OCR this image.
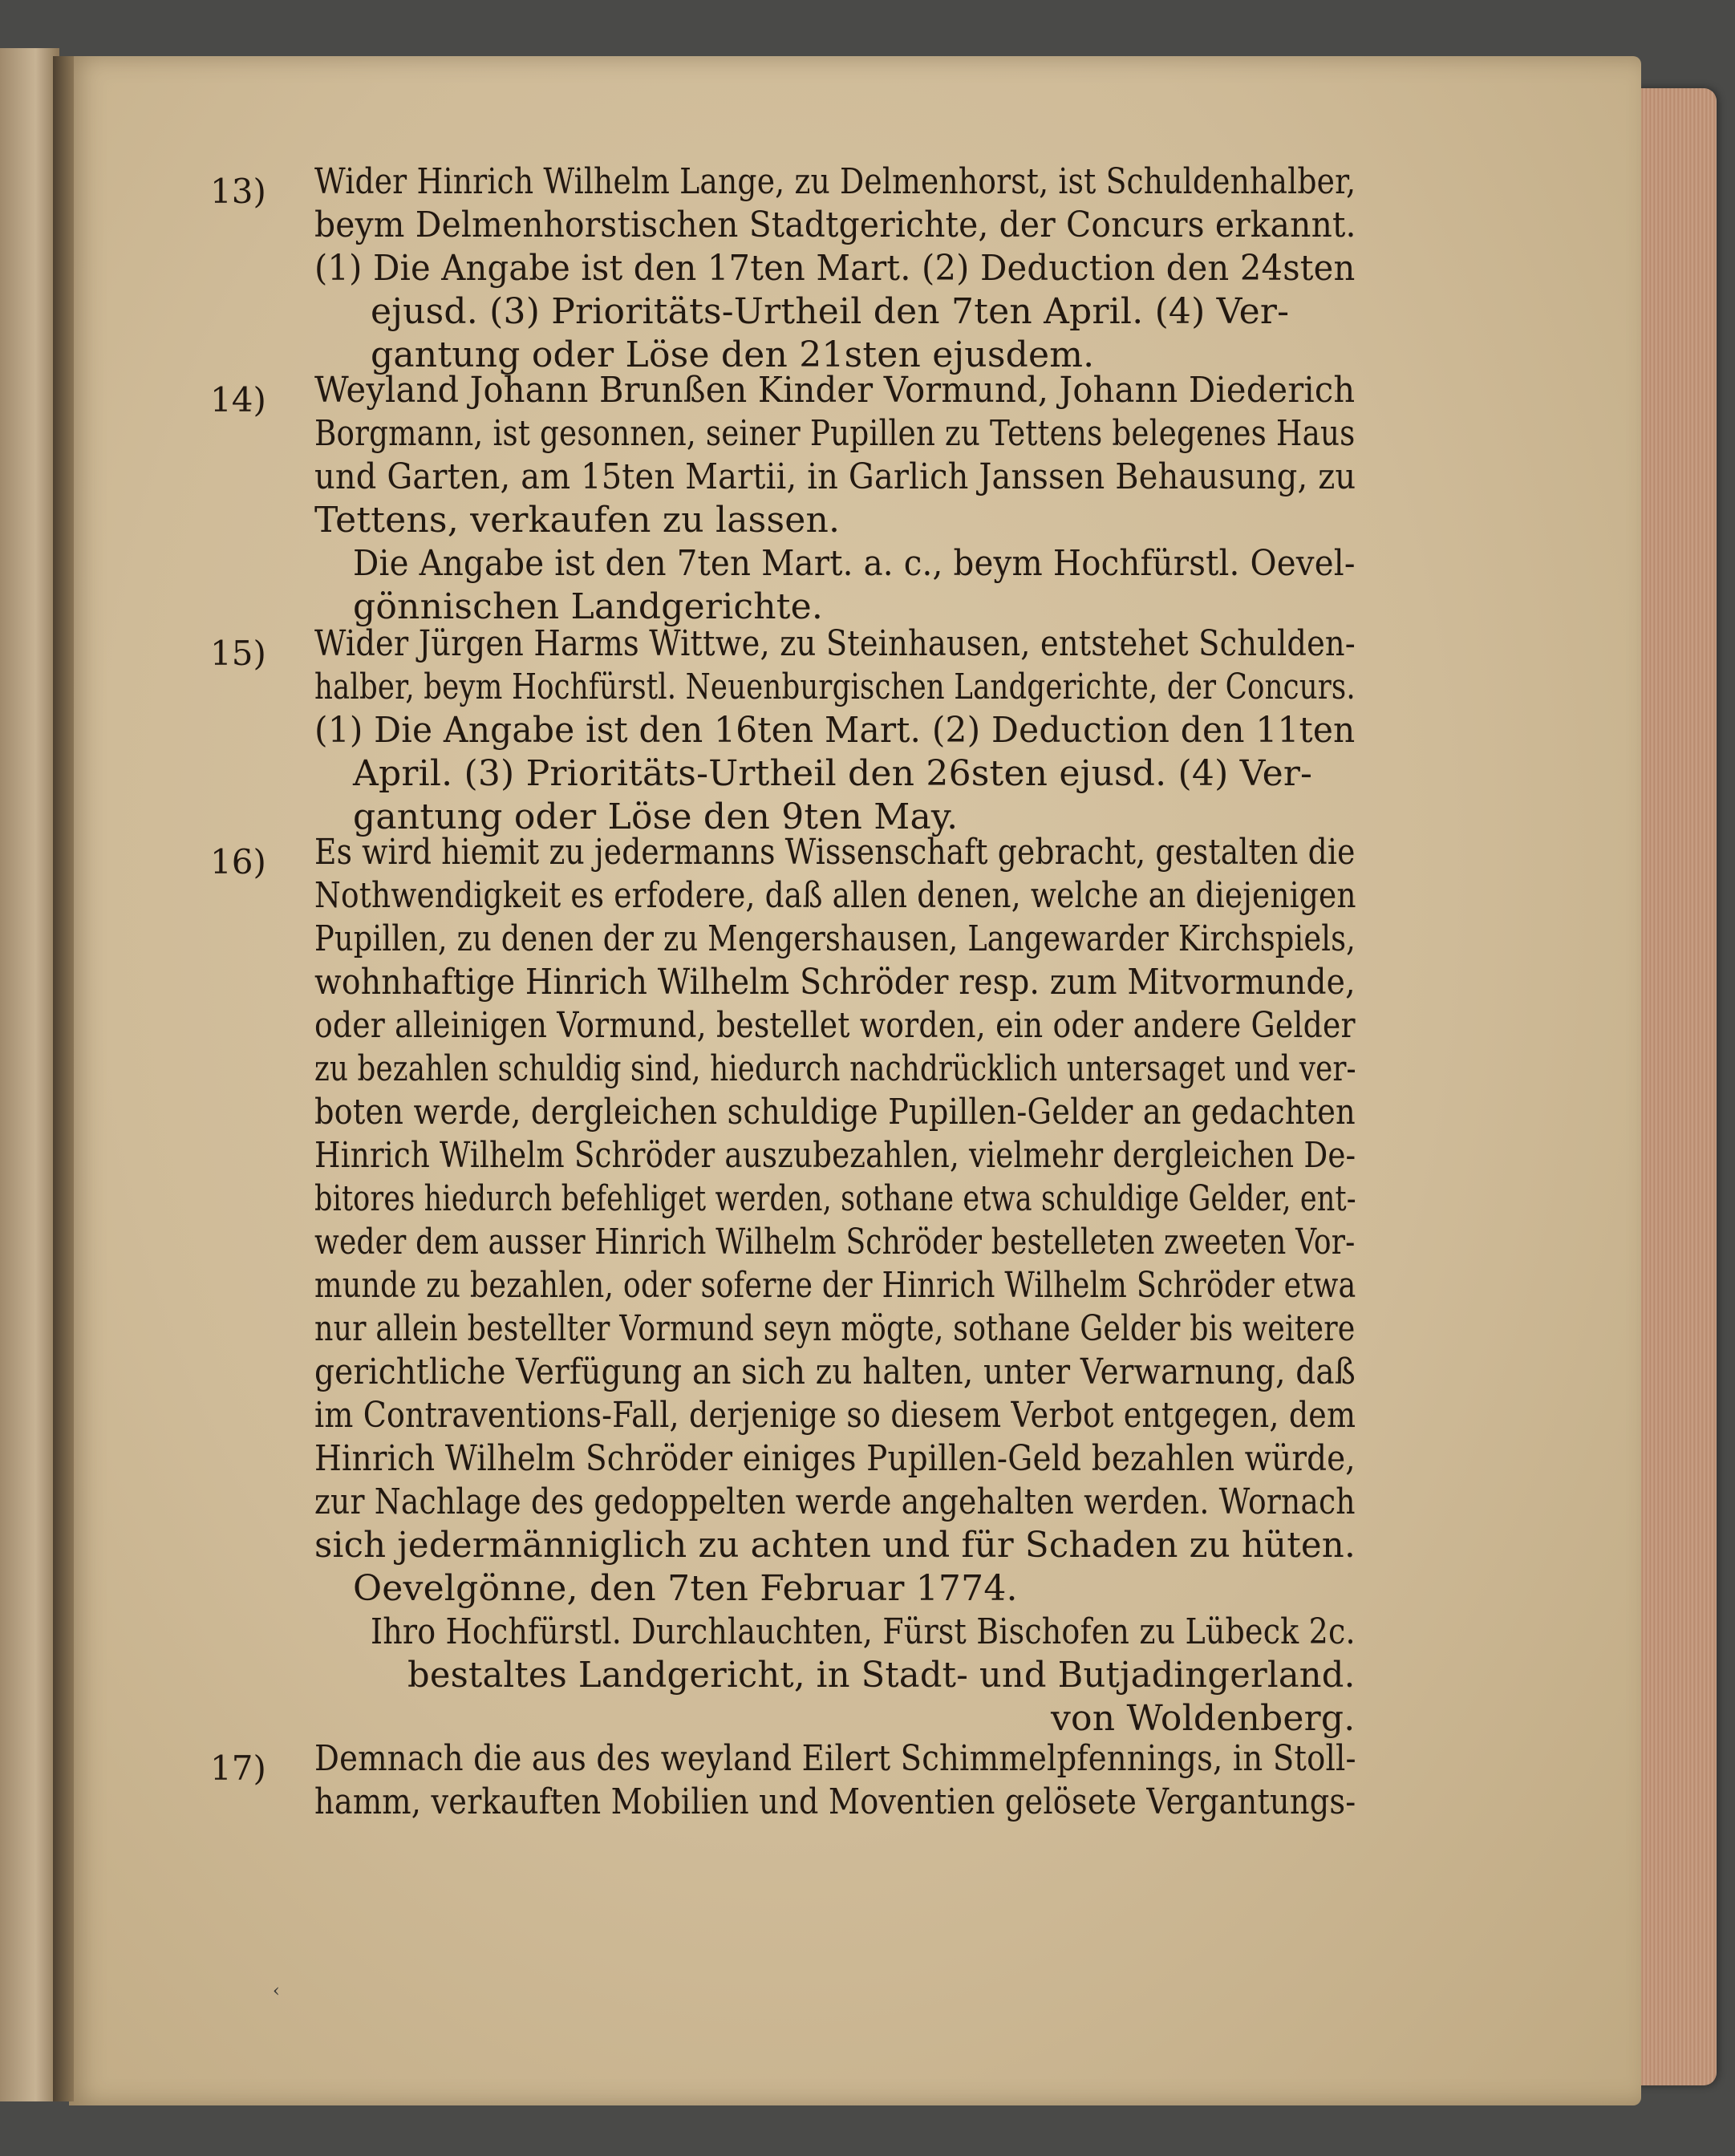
13) Wider Hinrich Wilhelm Lange, zu Delmenhorst, ist Schuldenhalber,
beym Delmenhorstischen Stadtgerichte, der Concurs erkannt.
(1) Die Angabe ist den 17ten Mart. (2) Deduction den 24sten
ejusd. (3) Prioritäts-Urtheil den 7ten April. (4) Ver-
gantung oder Löse den 21sten ejusdem.
14) Weyland Johann Brunßen Kinder Vormund, Johann Diederich
Borgmann, ist gesonnen, seiner Pupillen zu Tettens belegenes Haus
und Garten, am 15ten Martii, in Garlich Janssen Behausung, zu
Tettens, verkaufen zu lassen.
Die Angabe ist den 7ten Mart. a. c., beym Hochfürstl. Oevel-
gönnischen Landgerichte.
15) Wider Jürgen Harms Wittwe, zu Steinhausen, entstehet Schulden-
halber, beym Hochfürstl. Neuenburgischen Landgerichte, der Concurs.
(1) Die Angabe ist den 16ten Mart. (2) Deduction den 11ten
April. (3) Prioritäts-Urtheil den 26sten ejusd. (4) Ver-
gantung oder Löse den 9ten May.
16) Es wird hiemit zu jedermanns Wissenschaft gebracht, gestalten die
Nothwendigkeit es erfodere, daß allen denen, welche an diejenigen
Pupillen, zu denen der zu Mengershausen, Langewarder Kirchspiels,
wohnhaftige Hinrich Wilhelm Schröder resp. zum Mitvormunde,
oder alleinigen Vormund, bestellet worden, ein oder andere Gelder
zu bezahlen schuldig sind, hiedurch nachdrücklich untersaget und ver-
boten werde, dergleichen schuldige Pupillen-Gelder an gedachten
Hinrich Wilhelm Schröder auszubezahlen, vielmehr dergleichen De-
bitores hiedurch befehliget werden, sothane etwa schuldige Gelder, ent-
weder dem ausser Hinrich Wilhelm Schröder bestelleten zweeten Vor-
munde zu bezahlen, oder soferne der Hinrich Wilhelm Schröder etwa
nur allein bestellter Vormund seyn mögte, sothane Gelder bis weitere
gerichtliche Verfügung an sich zu halten, unter Verwarnung, daß
im Contraventions-Fall, derjenige so diesem Verbot entgegen, dem
Hinrich Wilhelm Schröder einiges Pupillen-Geld bezahlen würde,
zur Nachlage des gedoppelten werde angehalten werden. Wornach
sich jedermänniglich zu achten und für Schaden zu hüten.
Oevelgönne, den 7ten Februar 1774.
Ihro Hochfürstl. Durchlauchten, Fürst Bischofen zu Lübeck 2c.
bestaltes Landgericht, in Stadt- und Butjadingerland.
von Woldenberg.
17) Demnach die aus des weyland Eilert Schimmelpfennings, in Stoll-
hamm, verkauften Mobilien und Moventien gelösete Vergantungs-
‹
